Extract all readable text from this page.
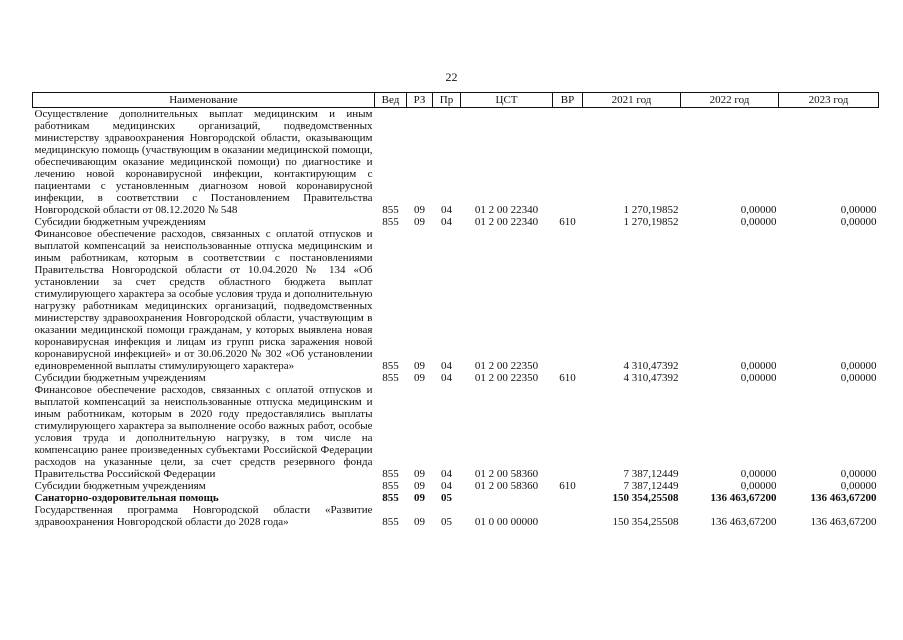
22
Наименование	Вед	РЗ	Пр	ЦСТ	ВР	2021 год	2022 год	2023 год
Осуществление дополнительных выплат медицинским и иным работникам медицинских организаций, подведомственных министерству здравоохранения Новгородской области, оказывающим медицинскую помощь (участвующим в оказании медицинской помощи, обеспечивающим оказание медицинской помощи) по диагностике и лечению новой коронавирусной инфекции, контактирующим с пациентами с установленным диагнозом новой коронавирусной инфекции, в соответствии с Постановлением Правительства Новгородской области от 08.12.2020 № 548	855	09	04	01 2 00 22340		1 270,19852	0,00000	0,00000
Субсидии бюджетным учреждениям	855	09	04	01 2 00 22340	610	1 270,19852	0,00000	0,00000
Финансовое обеспечение расходов, связанных с оплатой отпусков и выплатой компенсаций за неиспользованные отпуска медицинским и иным работникам, которым в соответствии с постановлениями Правительства Новгородской области от 10.04.2020 № 134 «Об установлении за счет средств областного бюджета выплат стимулирующего характера за особые условия труда и дополнительную нагрузку работникам медицинских организаций, подведомственных министерству здравоохранения Новгородской области, участвующим в оказании медицинской помощи гражданам, у которых выявлена новая коронавирусная инфекция и лицам из групп риска заражения новой коронавирусной инфекцией» и от 30.06.2020 № 302 «Об установлении единовременной выплаты стимулирующего характера»	855	09	04	01 2 00 22350		4 310,47392	0,00000	0,00000
Субсидии бюджетным учреждениям	855	09	04	01 2 00 22350	610	4 310,47392	0,00000	0,00000
Финансовое обеспечение расходов, связанных с оплатой отпусков и выплатой компенсаций за неиспользованные отпуска медицинским и иным работникам, которым в 2020 году предоставлялись выплаты стимулирующего характера за выполнение особо важных работ, особые условия труда и дополнительную нагрузку, в том числе на компенсацию ранее произведенных субъектами Российской Федерации расходов на указанные цели, за счет средств резервного фонда Правительства Российской Федерации	855	09	04	01 2 00 58360		7 387,12449	0,00000	0,00000
Субсидии бюджетным учреждениям	855	09	04	01 2 00 58360	610	7 387,12449	0,00000	0,00000
Санаторно-оздоровительная помощь	855	09	05			150 354,25508	136 463,67200	136 463,67200
Государственная программа Новгородской области «Развитие здравоохранения Новгородской области до 2028 года»	855	09	05	01 0 00 00000		150 354,25508	136 463,67200	136 463,67200
